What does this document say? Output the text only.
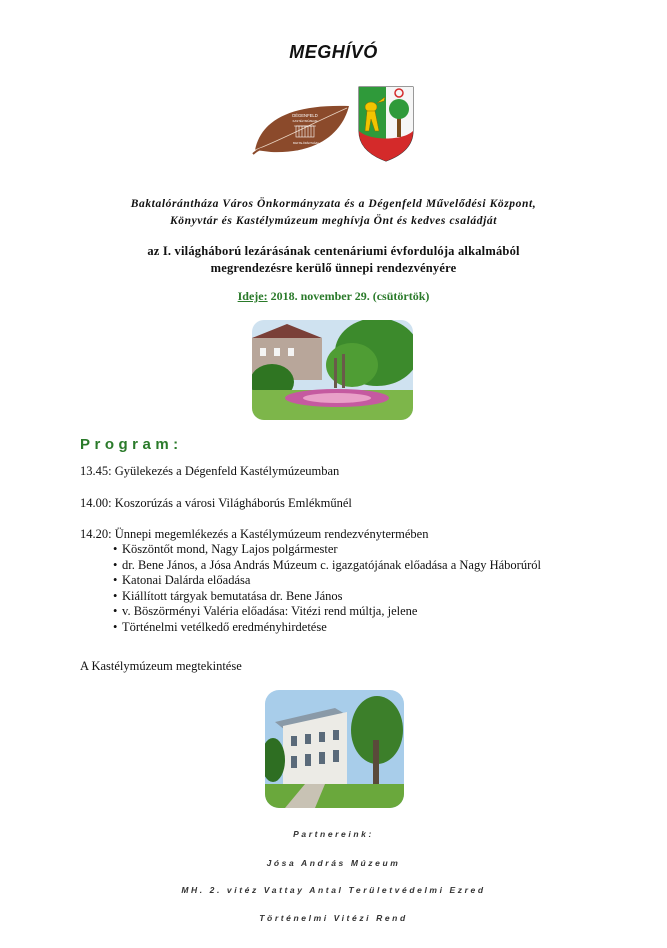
MEGHÍVÓ
DÉGENFELD
KASTÉLYMÚZEUM
BAKTALÓRÁNTHÁZA
Baktalórántháza Város Önkormányzata és a Dégenfeld Művelődési Központ,
Könyvtár és Kastélymúzeum meghívja Önt és kedves családját
az I. világháború lezárásának centenáriumi évfordulója alkalmából
megrendezésre kerülő ünnepi rendezvényére
Ideje: 2018. november 29. (csütörtök)
Program:
13.45: Gyülekezés a Dégenfeld Kastélymúzeumban
14.00: Koszorúzás a városi Világháborús Emlékműnél
14.20: Ünnepi megemlékezés a Kastélymúzeum rendezvénytermében
• Köszöntőt mond, Nagy Lajos polgármester
• dr. Bene János, a Jósa András Múzeum c. igazgatójának előadása a Nagy Háborúról
• Katonai Dalárda előadása
• Kiállított tárgyak bemutatása dr. Bene János
• v. Böszörményi Valéria előadása: Vitézi rend múltja, jelene
• Történelmi vetélkedő eredményhirdetése
A Kastélymúzeum megtekintése
Partnereink:
Jósa András Múzeum
MH. 2. vitéz Vattay Antal Területvédelmi Ezred
Történelmi Vitézi Rend
